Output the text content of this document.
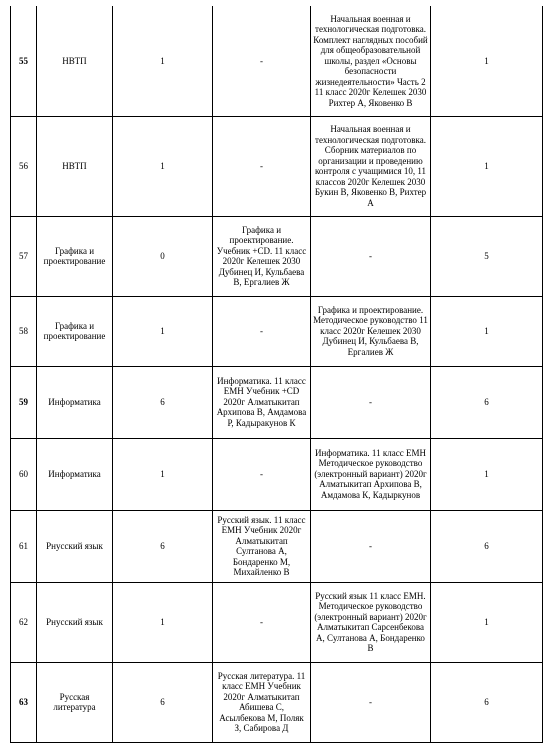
55	НВТП	1	-	Начальная военная и технологическая подготовка. Комплект наглядных пособий для общеобразовательной школы, раздел «Основы безопасности жизнедеятельности» Часть 2 11 класс 2020г Келешек 2030 Рихтер А, Яковенко В	1
56	НВТП	1	-	Начальная военная и технологическая подготовка. Сборник материалов по организации и проведению контроля с учащимися 10, 11 классов 2020г Келешек 2030 Букин В, Яковенко В, Рихтер А	1
57	Графика и проектирование	0	Графика и проектирование. Учебник +CD. 11 класс 2020г Келешек 2030 Дубинец И, Кульбаева В, Ергалиев Ж	-	5
58	Графика и проектирование	1	-	Графика и проектирование. Методическое руководство 11 класс 2020г Келешек 2030 Дубинец И, Кульбаева В, Ергалиев Ж	1
59	Информатика	6	Информатика. 11 класс ЕМН Учебник +CD 2020г Алматыкитап Архипова В, Амдамова Р, Кадыракунов К	-	6
60	Информатика	1	-	Информатика. 11 класс ЕМН Методическое руководство (электронный вариант) 2020г Алматыкитап Архипова В, Амдамова К, Кадыркунов	1
61	Рнусский язык	6	Русский язык. 11 класс ЕМН Учебник 2020г Алматыкитап Султанова А, Бондаренко М, Михайленко В	-	6
62	Рнусский язык	1	-	Русский язык 11 класс ЕМН. Методическое руководство (электронный вариант) 2020г Алматыкитап Сарсенбекова А, Султанова А, Бондаренко В	1
63	Русская литература	6	Русская литература. 11 класс ЕМН Учебник 2020г Алматыкитап Абишева С, Асылбекова М, Поляк З, Сабирова Д	-	6
